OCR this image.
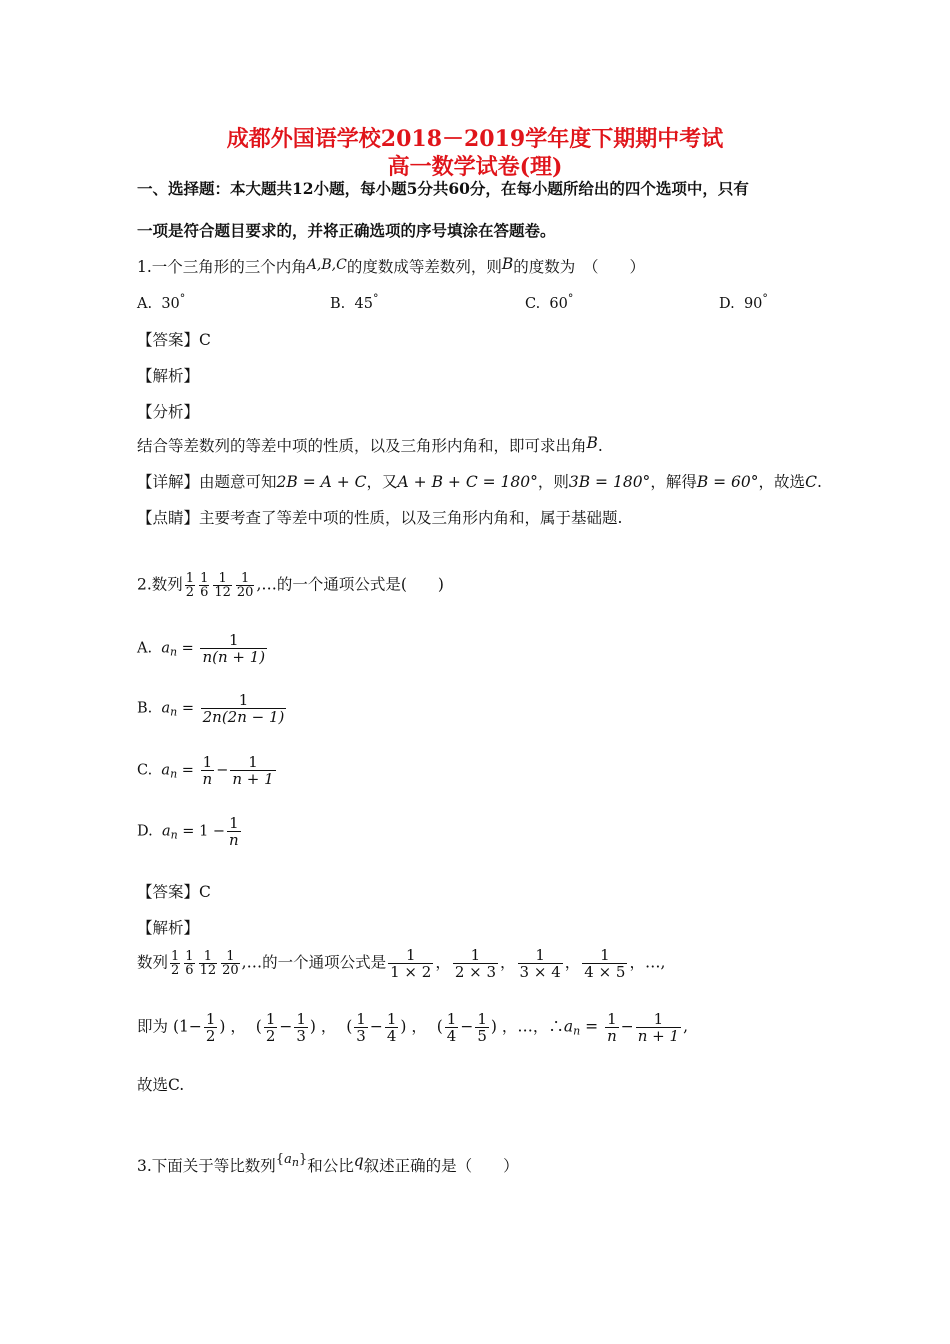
成都外国语学校2018－2019学年度下期期中考试
高一数学试卷(理)
一、选择题：本大题共12小题，每小题5分共60分，在每小题所给出的四个选项中，只有
一项是符合题目要求的，并将正确选项的序号填涂在答题卷。
1.一个三角形的三个内角A,B,C的度数成等差数列，则B的度数为　（　　）
A. 30°	B. 45°	C. 60°	D. 90°
【答案】C
【解析】
【分析】
结合等差数列的等差中项的性质，以及三角形内角和，即可求出角B.
【详解】由题意可知2B = A + C，又A + B + C = 180°，则3B = 180°，解得B = 60°，故选C.
【点睛】主要考查了等差中项的性质，以及三角形内角和，属于基础题.
2.数列 $\frac{1}{2} \frac{1}{6} \frac{1}{12} \frac{1}{20}$ ,…的一个通项公式是(　　)
A. $a_n = \frac{1}{n(n + 1)}$
B. $a_n = \frac{1}{2n(2n - 1)}$
C. $a_n = \frac{1}{n} - \frac{1}{n + 1}$
D. $a_n = 1 - \frac{1}{n}$
【答案】C
【解析】
数列 $\frac{1}{2} \frac{1}{6} \frac{1}{12} \frac{1}{20}$ ,…的一个通项公式是 $\frac{1}{1 \times 2}$ ， $\frac{1}{2 \times 3}$ ， $\frac{1}{3 \times 4}$ ， $\frac{1}{4 \times 5}$ ，…,
即为 ($1- \frac{1}{2}$ ) ，  ( $\frac{1}{2} - \frac{1}{3}$ ) ，  ( $\frac{1}{3} - \frac{1}{4}$ ) ，  ( $\frac{1}{4} - \frac{1}{5}$ ) ，…，$\therefore a_n = \frac{1}{n} - \frac{1}{n + 1}$ ,
故选C.
3.下面关于等比数列$^{\{a_n\}}$和公比q叙述正确的是（　　）
